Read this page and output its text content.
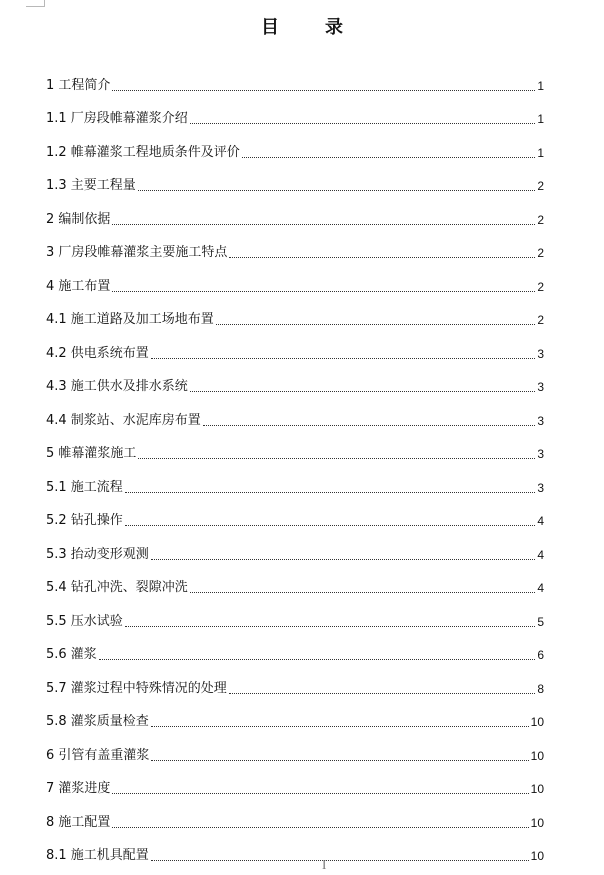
目　录
1 工程简介	1
1.1 厂房段帷幕灌浆介绍	1
1.2 帷幕灌浆工程地质条件及评价	1
1.3 主要工程量	2
2 编制依据	2
3 厂房段帷幕灌浆主要施工特点	2
4 施工布置	2
4.1 施工道路及加工场地布置	2
4.2 供电系统布置	3
4.3 施工供水及排水系统	3
4.4 制浆站、水泥库房布置	3
5 帷幕灌浆施工	3
5.1 施工流程	3
5.2 钻孔操作	4
5.3 抬动变形观测	4
5.4 钻孔冲洗、裂隙冲洗	4
5.5 压水试验	5
5.6 灌浆	6
5.7 灌浆过程中特殊情况的处理	8
5.8 灌浆质量检查	10
6 引管有盖重灌浆	10
7 灌浆进度	10
8 施工配置	10
8.1 施工机具配置	10
I
